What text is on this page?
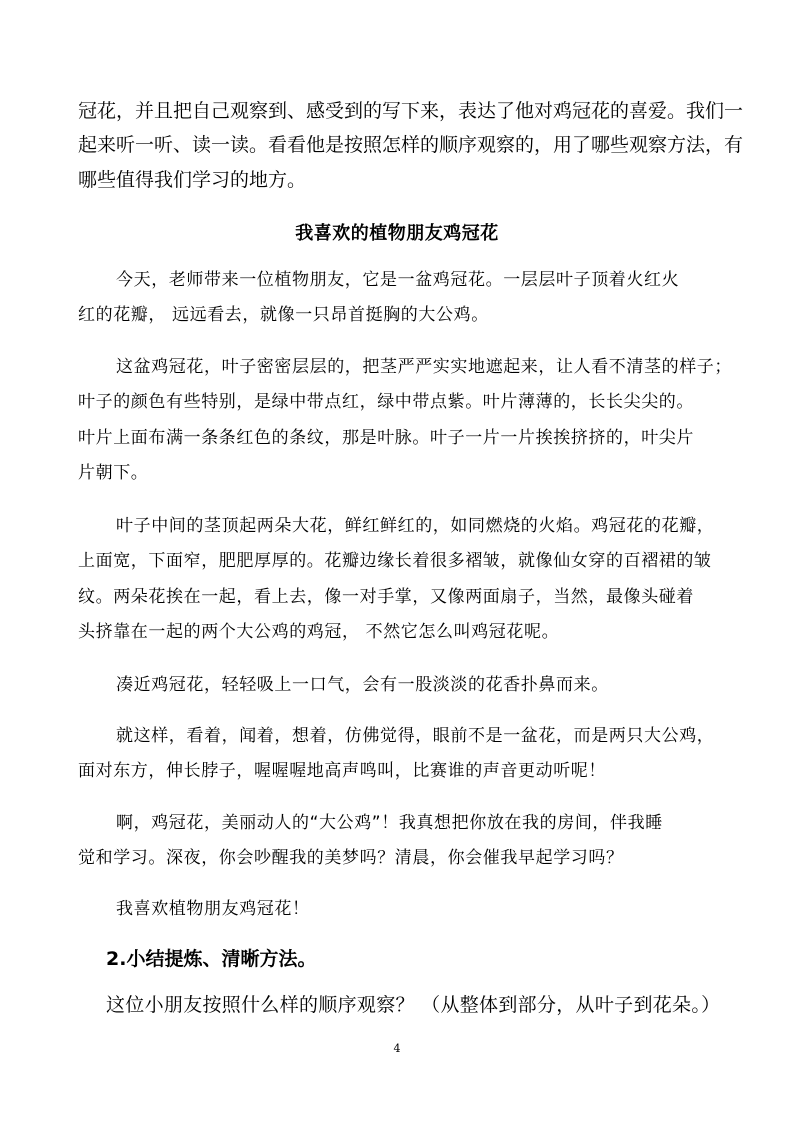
冠花，并且把自己观察到、感受到的写下来，表达了他对鸡冠花的喜爱。我们一
起来听一听、读一读。看看他是按照怎样的顺序观察的，用了哪些观察方法，有
哪些值得我们学习的地方。
我喜欢的植物朋友鸡冠花
今天，老师带来一位植物朋友，它是一盆鸡冠花。一层层叶子顶着火红火
红的花瓣， 远远看去，就像一只昂首挺胸的大公鸡。
这盆鸡冠花，叶子密密层层的，把茎严严实实地遮起来，让人看不清茎的样子；
叶子的颜色有些特别，是绿中带点红，绿中带点紫。叶片薄薄的，长长尖尖的。
叶片上面布满一条条红色的条纹，那是叶脉。叶子一片一片挨挨挤挤的，叶尖片
片朝下。
叶子中间的茎顶起两朵大花，鲜红鲜红的，如同燃烧的火焰。鸡冠花的花瓣，
上面宽，下面窄，肥肥厚厚的。花瓣边缘长着很多褶皱，就像仙女穿的百褶裙的皱
纹。两朵花挨在一起，看上去，像一对手掌，又像两面扇子，当然，最像头碰着
头挤靠在一起的两个大公鸡的鸡冠， 不然它怎么叫鸡冠花呢。
凑近鸡冠花，轻轻吸上一口气，会有一股淡淡的花香扑鼻而来。
就这样，看着，闻着，想着，仿佛觉得，眼前不是一盆花，而是两只大公鸡，
面对东方，伸长脖子，喔喔喔地高声鸣叫，比赛谁的声音更动听呢！
啊，鸡冠花，美丽动人的“大公鸡”！我真想把你放在我的房间，伴我睡
觉和学习。深夜，你会吵醒我的美梦吗？清晨，你会催我早起学习吗？
我喜欢植物朋友鸡冠花！
2.小结提炼、清晰方法。
这位小朋友按照什么样的顺序观察？ （从整体到部分，从叶子到花朵。）
4
